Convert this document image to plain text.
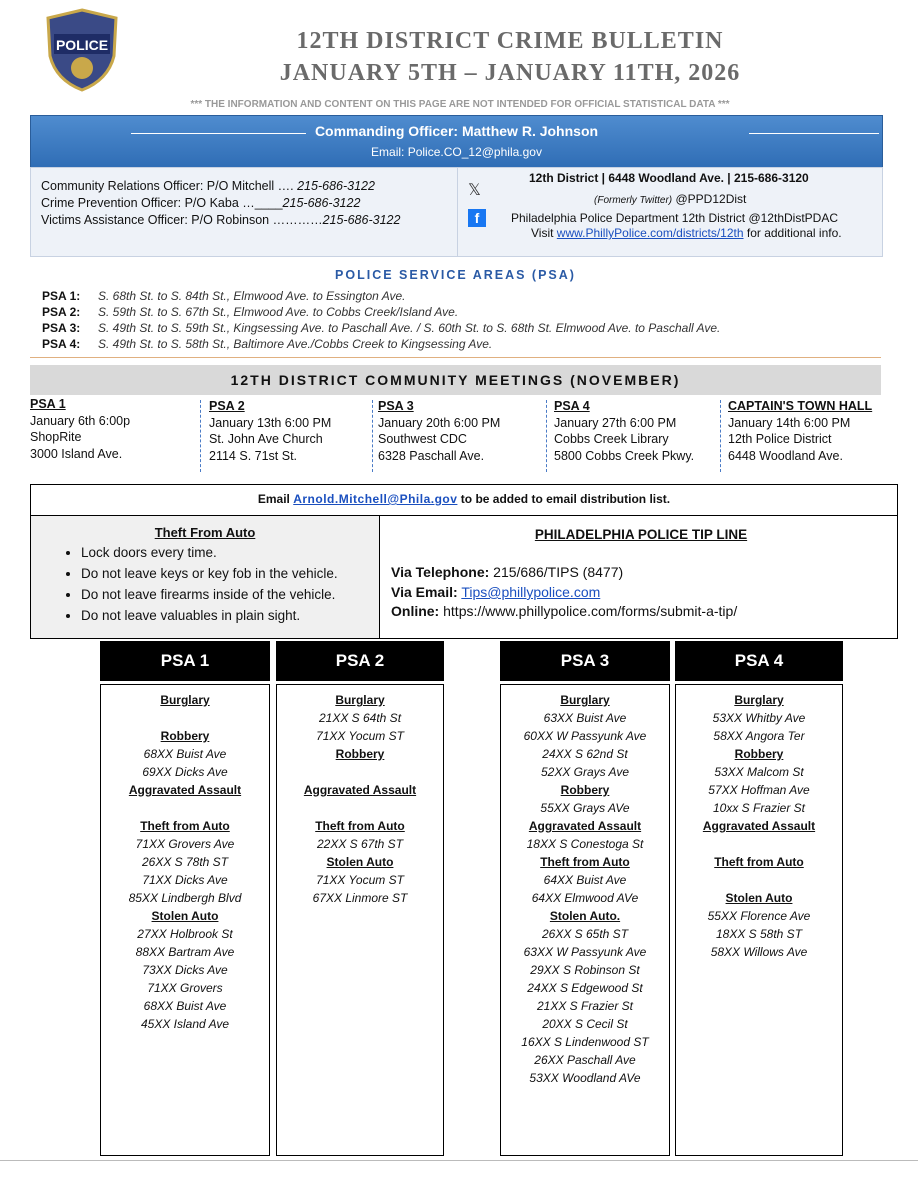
POLICE	12TH DISTRICT CRIME BULLETIN
JANUARY 5TH – JANUARY 11TH, 2026
*** THE INFORMATION AND CONTENT ON THIS PAGE ARE NOT INTENDED FOR OFFICIAL STATISTICAL DATA ***
Commanding Officer: Matthew R. Johnson
Email: Police.CO_12@phila.gov
Community Relations Officer: P/O Mitchell …. 215-686-3122
Crime Prevention Officer: P/O Kaba …____215-686-3122
Victims Assistance Officer: P/O Robinson …………215-686-3122
𝕏
f
12th District | 6448 Woodland Ave. | 215-686-3120
(Formerly Twitter) @PPD12Dist
Philadelphia Police Department 12th District @12thDistPDAC
Visit www.PhillyPolice.com/districts/12th for additional info.
POLICE SERVICE AREAS (PSA)
PSA 1: S. 68th St. to S. 84th St., Elmwood Ave. to Essington Ave.
PSA 2: S. 59th St. to S. 67th St., Elmwood Ave. to Cobbs Creek/Island Ave.
PSA 3: S. 49th St. to S. 59th St., Kingsessing Ave. to Paschall Ave. / S. 60th St. to S. 68th St. Elmwood Ave. to Paschall Ave.
PSA 4: S. 49th St. to S. 58th St., Baltimore Ave./Cobbs Creek to Kingsessing Ave.
12TH DISTRICT COMMUNITY MEETINGS (NOVEMBER)
PSA 1
January 6th 6:00p
ShopRite
3000 Island Ave.
PSA 2
January 13th 6:00 PM
St. John Ave Church
2114 S. 71st St.
PSA 3
January 20th 6:00 PM
Southwest CDC
6328 Paschall Ave.
PSA 4
January 27th 6:00 PM
Cobbs Creek Library
5800 Cobbs Creek Pkwy.
CAPTAIN'S TOWN HALL
January 14th 6:00 PM
12th Police District
6448 Woodland Ave.
Email Arnold.Mitchell@Phila.gov to be added to email distribution list.
Theft From Auto
• Lock doors every time.
• Do not leave keys or key fob in the vehicle.
• Do not leave firearms inside of the vehicle.
• Do not leave valuables in plain sight.
PHILADELPHIA POLICE TIP LINE
Via Telephone: 215/686/TIPS (8477)
Via Email: Tips@phillypolice.com
Online: https://www.phillypolice.com/forms/submit-a-tip/
PSA 1
Burglary

Robbery
68XX Buist Ave
69XX Dicks Ave
Aggravated Assault

Theft from Auto
71XX Grovers Ave
26XX S 78th ST
71XX Dicks Ave
85XX Lindbergh Blvd
Stolen Auto
27XX Holbrook St
88XX Bartram Ave
73XX Dicks Ave
71XX Grovers
68XX Buist Ave
45XX Island Ave
PSA 2
Burglary
21XX S 64th St
71XX Yocum ST
Robbery

Aggravated Assault

Theft from Auto
22XX S 67th ST
Stolen Auto
71XX Yocum ST
67XX Linmore ST
PSA 3
Burglary
63XX Buist Ave
60XX W Passyunk Ave
24XX S 62nd St
52XX Grays Ave
Robbery
55XX Grays AVe
Aggravated Assault
18XX S Conestoga St
Theft from Auto
64XX Buist Ave
64XX Elmwood AVe
Stolen Auto.
26XX S 65th ST
63XX W Passyunk Ave
29XX S Robinson St
24XX S Edgewood St
21XX S Frazier St
20XX S Cecil St
16XX S Lindenwood ST
26XX Paschall Ave
53XX Woodland AVe
PSA 4
Burglary
53XX Whitby Ave
58XX Angora Ter
Robbery
53XX Malcom St
57XX Hoffman Ave
10xx S Frazier St
Aggravated Assault

Theft from Auto

Stolen Auto
55XX Florence Ave
18XX S 58th ST
58XX Willows Ave
